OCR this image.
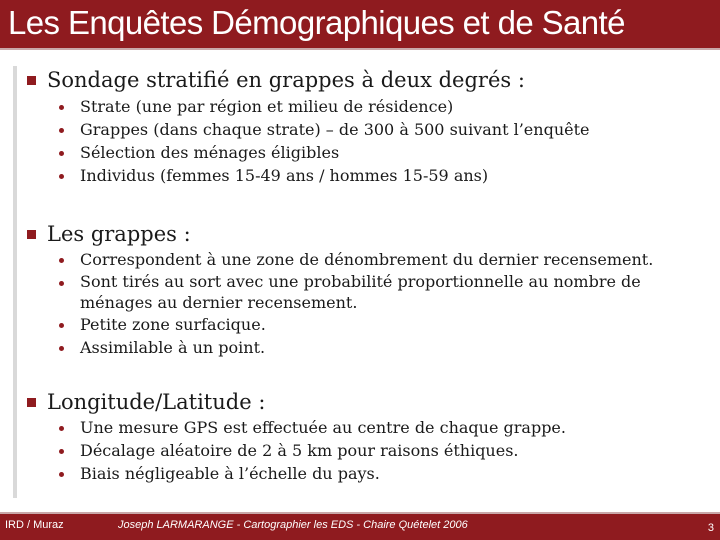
Les Enquêtes Démographiques et de Santé
Sondage stratifié en grappes à deux degrés :
Strate (une par région et milieu de résidence)
Grappes (dans chaque strate) – de 300 à 500 suivant l’enquête
Sélection des ménages éligibles
Individus (femmes 15-49 ans / hommes 15-59 ans)
Les grappes :
Correspondent à une zone de dénombrement du dernier recensement.
Sont tirés au sort avec une probabilité proportionnelle au nombre de ménages au dernier recensement.
Petite zone surfacique.
Assimilable à un point.
Longitude/Latitude :
Une mesure GPS est effectuée au centre de chaque grappe.
Décalage aléatoire de 2 à 5 km pour raisons éthiques.
Biais négligeable à l’échelle du pays.
IRD / Muraz	Joseph LARMARANGE - Cartographier les EDS - Chaire Quételet 2006	3
